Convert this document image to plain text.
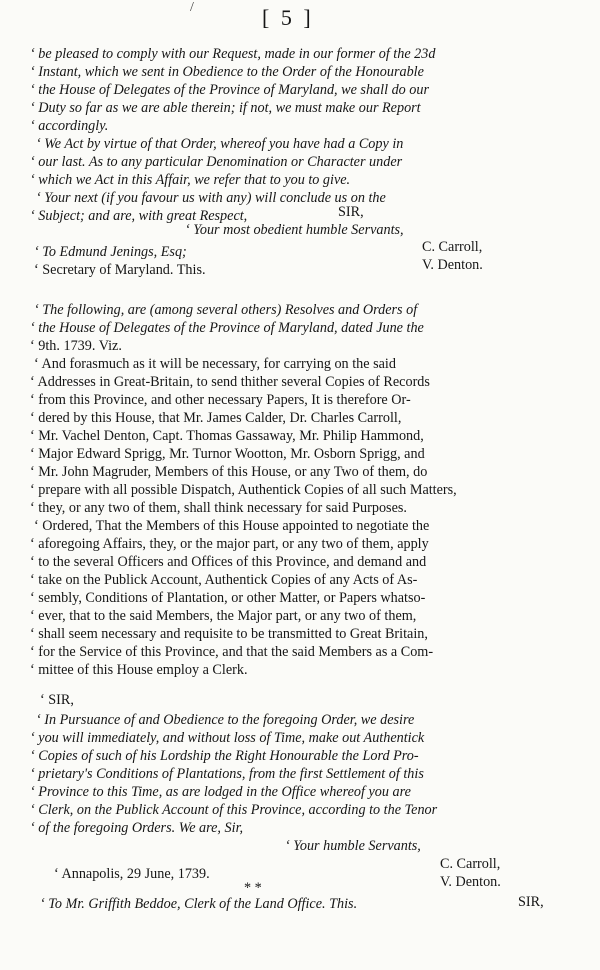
/	[ 5 ]
‘ be pleased to comply with our Request, made in our former of the 23d
‘ Instant, which we sent in Obedience to the Order of the Honourable
‘ the House of Delegates of the Province of Maryland, we shall do our
‘ Duty so far as we are able therein; if not, we must make our Report
‘ accordingly.
‘ We Act by virtue of that Order, whereof you have had a Copy in
‘ our last. As to any particular Denomination or Character under
‘ which we Act in this Affair, we refer that to you to give.
‘ Your next (if you favour us with any) will conclude us on the
‘ Subject; and are, with great Respect,	SIR,
‘ Your most obedient humble Servants,
‘ To Edmund Jenings, Esq;	C. Carroll,
‘ Secretary of Maryland. This.	V. Denton.
‘ The following, are (among several others) Resolves and Orders of
‘ the House of Delegates of the Province of Maryland, dated June the
‘ 9th. 1739. Viz.
‘ And forasmuch as it will be necessary, for carrying on the said
‘ Addresses in Great-Britain, to send thither several Copies of Records
‘ from this Province, and other necessary Papers, It is therefore Or-
‘ dered by this House, that Mr. James Calder, Dr. Charles Carroll,
‘ Mr. Vachel Denton, Capt. Thomas Gassaway, Mr. Philip Hammond,
‘ Major Edward Sprigg, Mr. Turnor Wootton, Mr. Osborn Sprigg, and
‘ Mr. John Magruder, Members of this House, or any Two of them, do
‘ prepare with all possible Dispatch, Authentick Copies of all such Matters,
‘ they, or any two of them, shall think necessary for said Purposes.
‘ Ordered, That the Members of this House appointed to negotiate the
‘ aforegoing Affairs, they, or the major part, or any two of them, apply
‘ to the several Officers and Offices of this Province, and demand and
‘ take on the Publick Account, Authentick Copies of any Acts of As-
‘ sembly, Conditions of Plantation, or other Matter, or Papers whatso-
‘ ever, that to the said Members, the Major part, or any two of them,
‘ shall seem necessary and requisite to be transmitted to Great Britain,
‘ for the Service of this Province, and that the said Members as a Com-
‘ mittee of this House employ a Clerk.
‘ SIR,
‘ In Pursuance of and Obedience to the foregoing Order, we desire
‘ you will immediately, and without loss of Time, make out Authentick
‘ Copies of such of his Lordship the Right Honourable the Lord Pro-
‘ prietary's Conditions of Plantations, from the first Settlement of this
‘ Province to this Time, as are lodged in the Office whereof you are
‘ Clerk, on the Publick Account of this Province, according to the Tenor
‘ of the foregoing Orders. We are, Sir,
‘ Your humble Servants,
C. Carroll,
‘ Annapolis, 29 June, 1739.	V. Denton.
‘ To Mr. Griffith Beddoe, Clerk of the Land Office. This.
* *
SIR,
